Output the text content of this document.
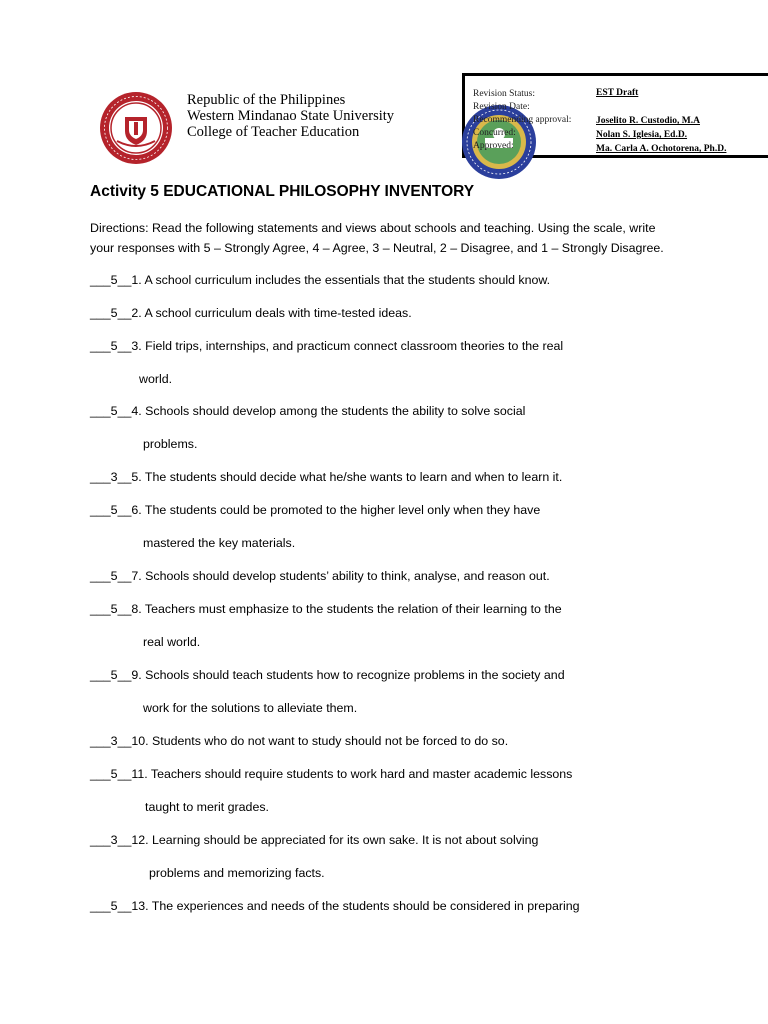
Republic of the Philippines
Western Mindanao State University
College of Teacher Education
Revision Status:
Revision Date:
Recommending approval:
Concurred:
Approved:
EST Draft
Joselito R. Custodio, M.A
Nolan S. Iglesia, Ed.D.
Ma. Carla A. Ochotorena, Ph.D.
Activity 5 EDUCATIONAL PHILOSOPHY INVENTORY
Directions: Read the following statements and views about schools and teaching. Using the scale, write
your responses with 5 – Strongly Agree, 4 – Agree, 3 – Neutral, 2 – Disagree, and 1 – Strongly Disagree.
___5__1. A school curriculum includes the essentials that the students should know.
___5__2. A school curriculum deals with time-tested ideas.
___5__3. Field trips, internships, and practicum connect classroom theories to the real
world.
___5__4. Schools should develop among the students the ability to solve social
problems.
___3__5. The students should decide what he/she wants to learn and when to learn it.
___5__6. The students could be promoted to the higher level only when they have
mastered the key materials.
___5__7. Schools should develop students’ ability to think, analyse, and reason out.
___5__8. Teachers must emphasize to the students the relation of their learning to the
real world.
___5__9. Schools should teach students how to recognize problems in the society and
work for the solutions to alleviate them.
___3__10. Students who do not want to study should not be forced to do so.
___5__11. Teachers should require students to work hard and master academic lessons
taught to merit grades.
___3__12. Learning should be appreciated for its own sake. It is not about solving
problems and memorizing facts.
___5__13. The experiences and needs of the students should be considered in preparing
